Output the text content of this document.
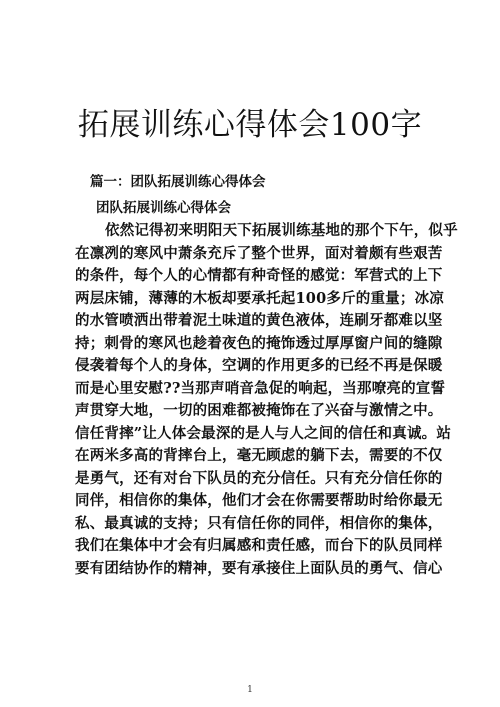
拓展训练心得体会100字
篇一：团队拓展训练心得体会
团队拓展训练心得体会
依然记得初来明阳天下拓展训练基地的那个下午，似乎
在凛冽的寒风中萧条充斥了整个世界，面对着颇有些艰苦
的条件，每个人的心情都有种奇怪的感觉：军营式的上下
两层床铺，薄薄的木板却要承托起100多斤的重量；冰凉
的水管喷洒出带着泥土味道的黄色液体，连刷牙都难以坚
持；刺骨的寒风也趁着夜色的掩饰透过厚厚窗户间的缝隙
侵袭着每个人的身体，空调的作用更多的已经不再是保暖
而是心里安慰??当那声哨音急促的响起，当那嘹亮的宣誓
声贯穿大地，一切的困难都被掩饰在了兴奋与激情之中。
信任背摔”让人体会最深的是人与人之间的信任和真诚。站
在两米多高的背摔台上，毫无顾虑的躺下去，需要的不仅
是勇气，还有对台下队员的充分信任。只有充分信任你的
同伴，相信你的集体，他们才会在你需要帮助时给你最无
私、最真诚的支持；只有信任你的同伴，相信你的集体，
我们在集体中才会有归属感和责任感，而台下的队员同样
要有团结协作的精神，要有承接住上面队员的勇气、信心
1
